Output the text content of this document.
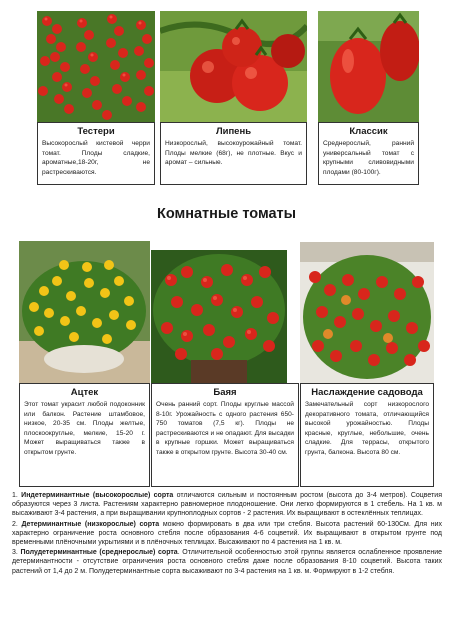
Тестери
Высокорослый кистевой черри томат. Плоды сладкие, ароматные,18-20г, не растрескиваются.
Липень
Низкорослый, высокоурожайный томат. Плоды мелкие (68г), не плотные. Вкус и аромат – сильные.
Классик
Среднерослый, ранний универсальный томат с крупными сливовидными плодами (80-100г).
Комнатные томаты
Ацтек
Этот томат украсит любой подоконник или балкон. Растение штамбовое, низкое, 20-35 см. Плоды желтые, плоскоокруглые, мелкие, 15-20 г. Может выращиваться также в открытом грунте.
Баяя
Очень ранний сорт. Плоды круглые массой 8-10г. Урожайность с одного растения 650-750 томатов (7,5 кг). Плоды не растрескиваются и не опадают. Для высадки в крупные горшки. Может выращиваться также в открытом грунте. Высота 30-40 см.
Наслаждение садовода
Замечательный сорт низкорослого декоративного томата, отличающийся высокой урожайностью. Плоды красные, круглые, небольшие, очень сладкие. Для террасы, открытого грунта, балкона. Высота 80 см.

1. Индетерминантные (высокорослые) сорта отличаются сильным и постоянным ростом (высота до 3-4 метров). Соцветия образуются через 3 листа. Растениям характерно равномерное плодоношение. Они легко формируются в 1 стебель. На 1 кв. м высаживают 3-4 растения, а при выращивании крупноплодных сортов - 2 растения. Их выращивают в остеклённых теплицах.

2. Детерминантные (низкорослые) сорта можно формировать в два или три стебля. Высота растений 60-130См. Для них характерно ограничение роста основного стебля после образования 4-6 соцветий. Их выращивают в открытом грунте под временными плёночными укрытиями и в плёночных теплицах. Высаживают по 4 растения на 1 кв. м.

3. Полудетерминантные (среднерослые) сорта. Отличительной особенностью этой группы является ослабленное проявление детерминантности - отсутствие ограничения роста основного стебля даже после образования 8-10 соцветий. Высота таких растений от 1,4 до 2 м. Полудетерминантные сорта высаживают по 3-4 растения на 1 кв. м. Формируют в 1-2 стебля.
